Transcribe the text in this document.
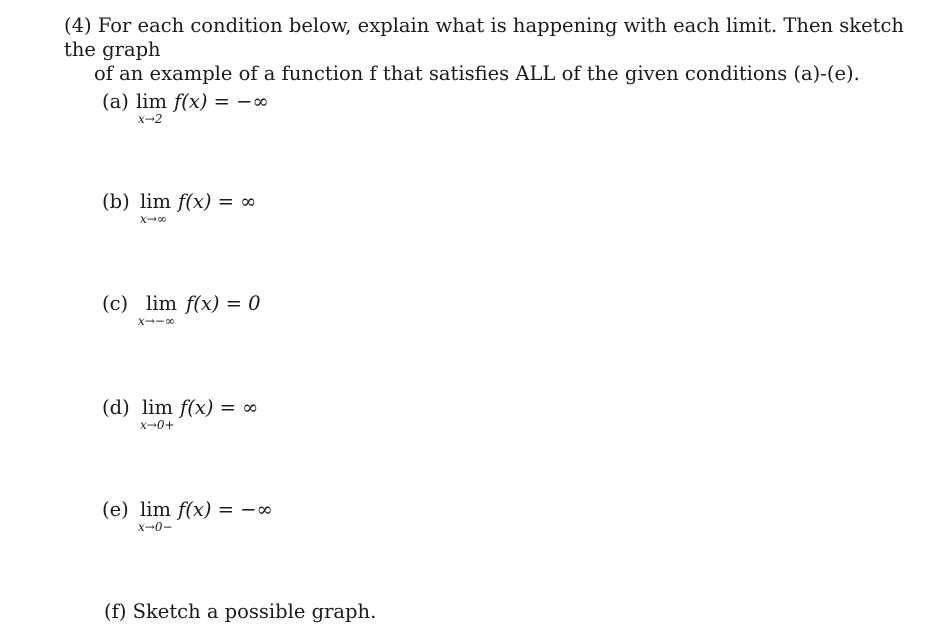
(4) For each condition below, explain what is happening with each limit. Then sketch the graph
of an example of a function f that satisfies ALL of the given conditions (a)-(e).
(a) lim
x→2
f(x) = −∞
(b) lim
x→∞
f(x) = ∞
(c) lim
x→−∞
f(x) = 0
(d) lim
x→0+
f(x) = ∞
(e) lim
x→0−
f(x) = −∞
(f) Sketch a possible graph.
